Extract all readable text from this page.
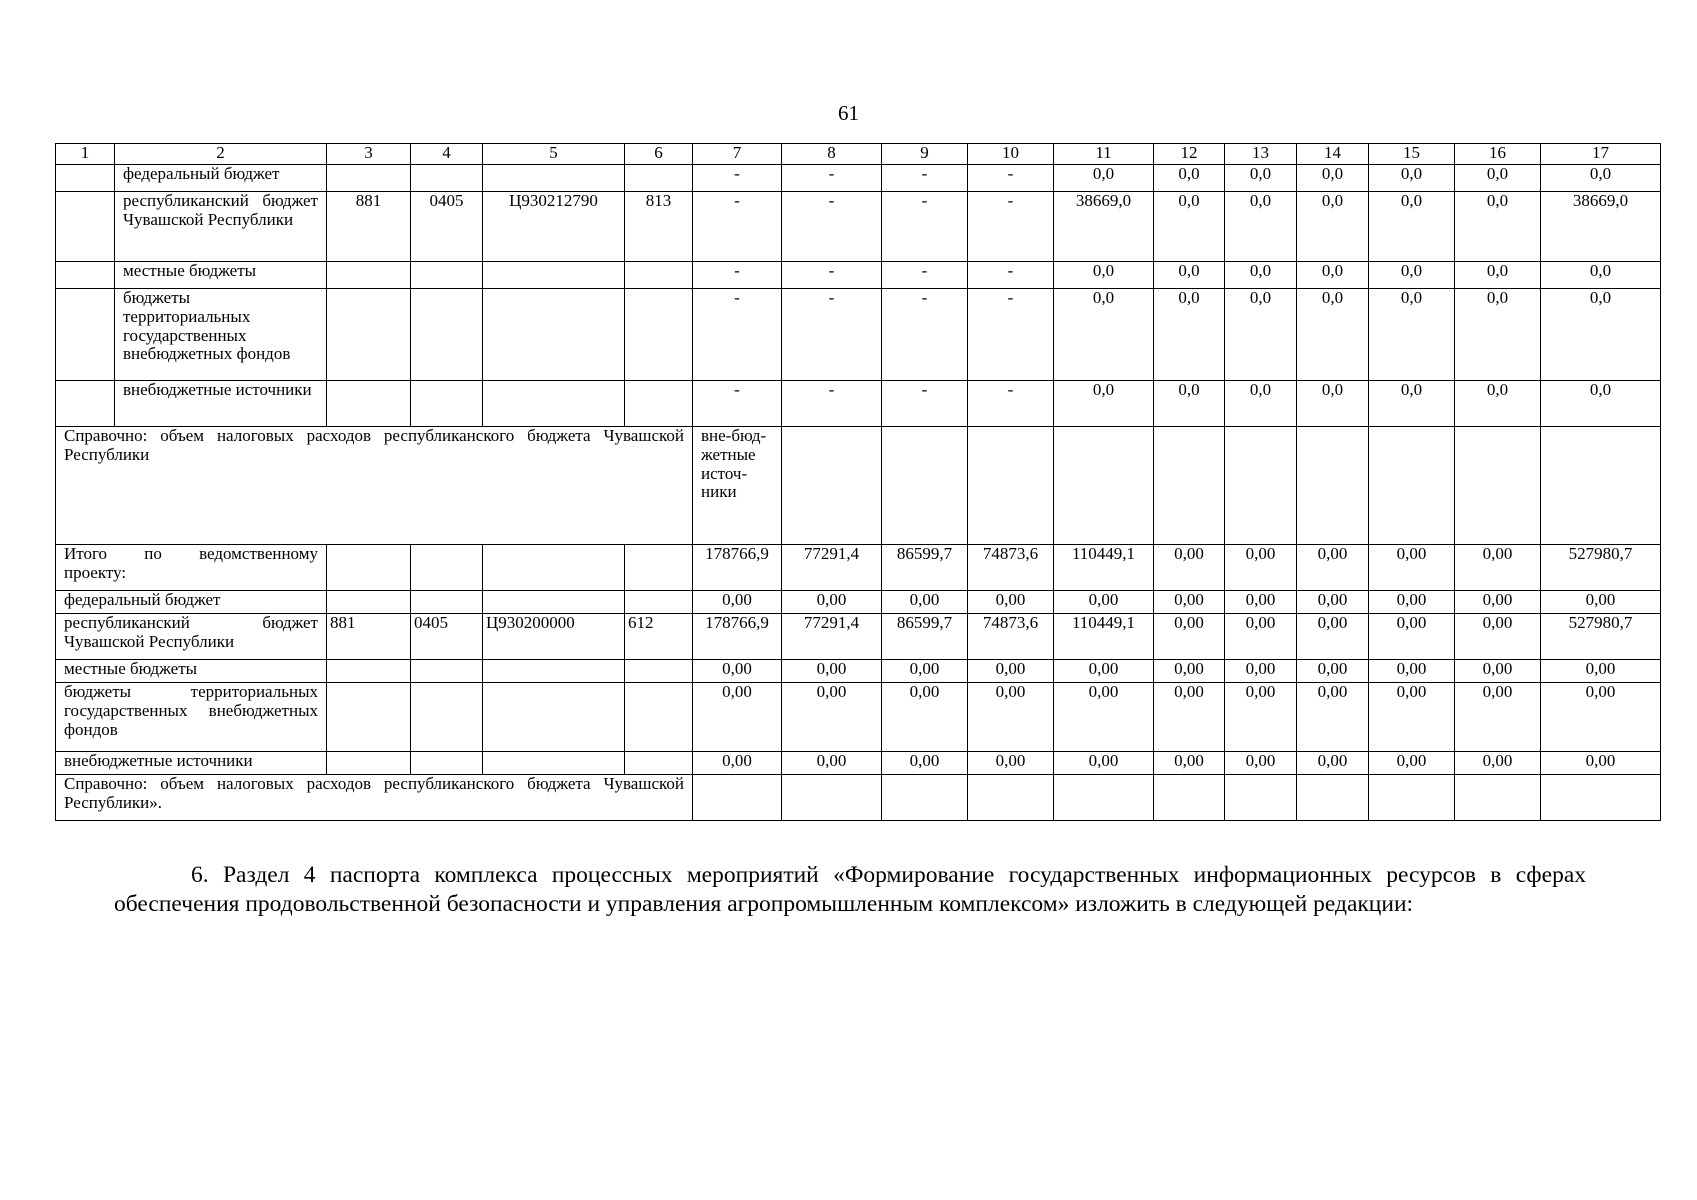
61
1	2	3	4	5	6	7	8	9	10	11	12	13	14	15	16	17
	федеральный бюджет					-	-	-	-	0,0	0,0	0,0	0,0	0,0	0,0	0,0
	республиканский бюджет Чувашской Республики	881	0405	Ц930212790	813	-	-	-	-	38669,0	0,0	0,0	0,0	0,0	0,0	38669,0
	местные бюджеты					-	-	-	-	0,0	0,0	0,0	0,0	0,0	0,0	0,0
	бюджеты территориальных государственных внебюджетных фондов					-	-	-	-	0,0	0,0	0,0	0,0	0,0	0,0	0,0
	внебюджетные источники					-	-	-	-	0,0	0,0	0,0	0,0	0,0	0,0	0,0
Справочно: объем налоговых расходов республиканского бюджета Чувашской Республики						вне-бюд-жетные источ-ники										
Итого по ведомственному проекту:						178766,9	77291,4	86599,7	74873,6	110449,1	0,00	0,00	0,00	0,00	0,00	527980,7
федеральный бюджет						0,00	0,00	0,00	0,00	0,00	0,00	0,00	0,00	0,00	0,00	0,00
республиканский бюджет Чувашской Республики		881	0405	Ц930200000	612	178766,9	77291,4	86599,7	74873,6	110449,1	0,00	0,00	0,00	0,00	0,00	527980,7
местные бюджеты						0,00	0,00	0,00	0,00	0,00	0,00	0,00	0,00	0,00	0,00	0,00
бюджеты территориальных государственных внебюджетных фондов						0,00	0,00	0,00	0,00	0,00	0,00	0,00	0,00	0,00	0,00	0,00
внебюджетные источники						0,00	0,00	0,00	0,00	0,00	0,00	0,00	0,00	0,00	0,00	0,00
Справочно: объем налоговых расходов республиканского бюджета Чувашской Республики».																
6. Раздел 4 паспорта комплекса процессных мероприятий «Формирование государственных информационных ресурсов в сферах обеспечения продовольственной безопасности и управления агропромышленным комплексом» изложить в следующей редакции:
